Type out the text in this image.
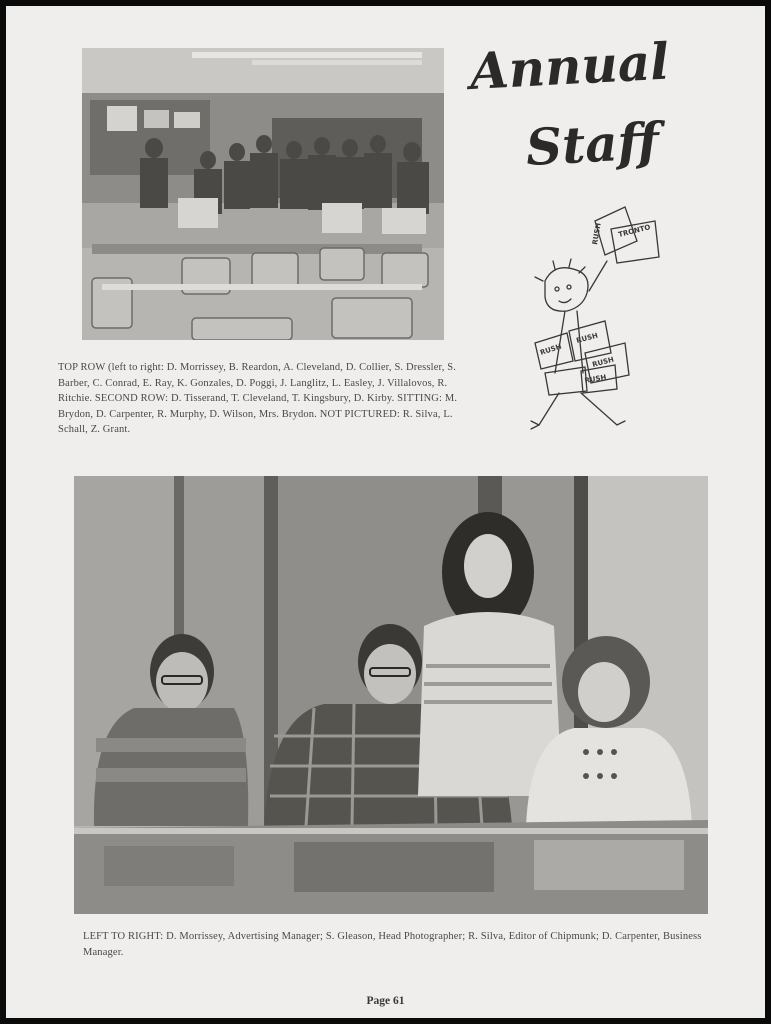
Annual
Staff
TRONTO
RUSH
RUSH
RUSH
RUSH
RUSH
TOP ROW (left to right: D. Morrissey, B. Reardon, A. Cleveland, D. Collier, S. Dressler, S. Barber, C. Conrad, E. Ray, K. Gonzales, D. Poggi, J. Langlitz, L. Easley, J. Villalovos, R. Ritchie. SECOND ROW: D. Tisserand, T. Cleveland, T. Kingsbury, D. Kirby. SITTING: M. Brydon, D. Carpenter, R. Murphy, D. Wilson, Mrs. Brydon. NOT PICTURED: R. Silva, L. Schall, Z. Grant.
LEFT TO RIGHT: D. Morrissey, Advertising Manager; S. Gleason, Head Photographer; R. Silva, Editor of Chipmunk; D. Carpenter, Business Manager.
Page 61
